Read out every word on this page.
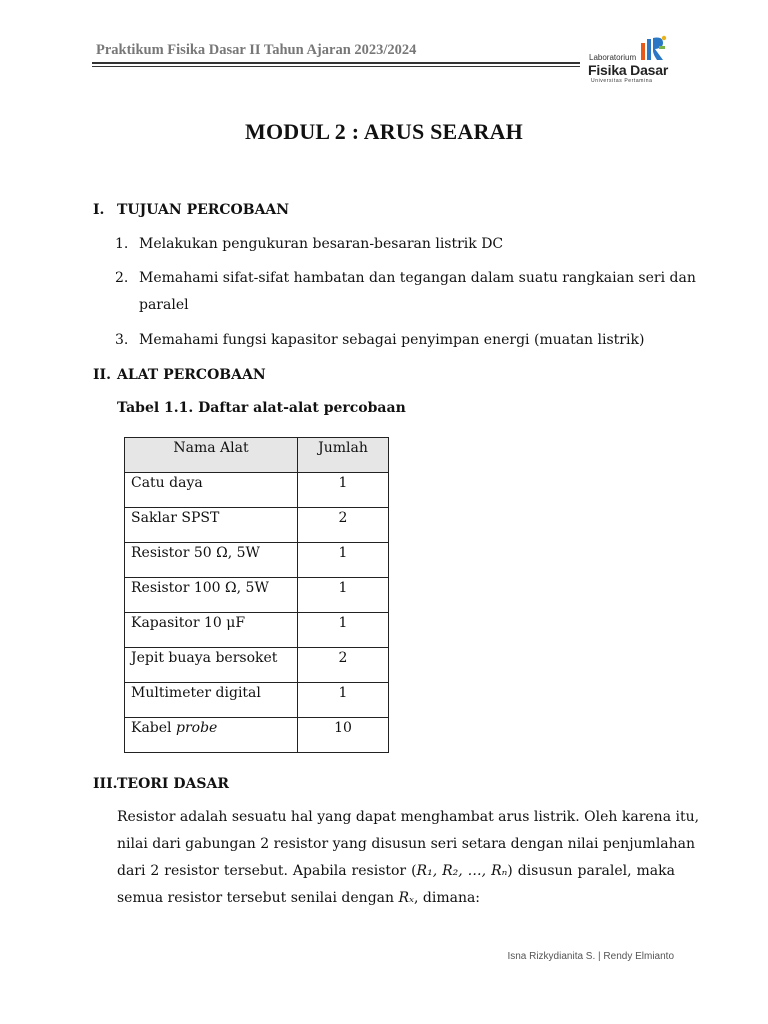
Praktikum Fisika Dasar II Tahun Ajaran 2023/2024	Laboratorium
Fisika Dasar
Universitas Pertamina
MODUL 2 : ARUS SEARAH
I. TUJUAN PERCOBAAN
1. Melakukan pengukuran besaran-besaran listrik DC
2. Memahami sifat-sifat hambatan dan tegangan dalam suatu rangkaian seri dan
paralel
3. Memahami fungsi kapasitor sebagai penyimpan energi (muatan listrik)
II. ALAT PERCOBAAN
Tabel 1.1. Daftar alat-alat percobaan
Nama Alat	Jumlah
Catu daya	1
Saklar SPST	2
Resistor 50 Ω, 5W	1
Resistor 100 Ω, 5W	1
Kapasitor 10 μF	1
Jepit buaya bersoket	2
Multimeter digital	1
Kabel probe	10
III. TEORI DASAR
Resistor adalah sesuatu hal yang dapat menghambat arus listrik. Oleh karena itu,
nilai dari gabungan 2 resistor yang disusun seri setara dengan nilai penjumlahan
dari 2 resistor tersebut. Apabila resistor (R₁, R₂, …, Rₙ) disusun paralel, maka
semua resistor tersebut senilai dengan Rₓ, dimana:
Isna Rizkydianita S. | Rendy Elmianto
